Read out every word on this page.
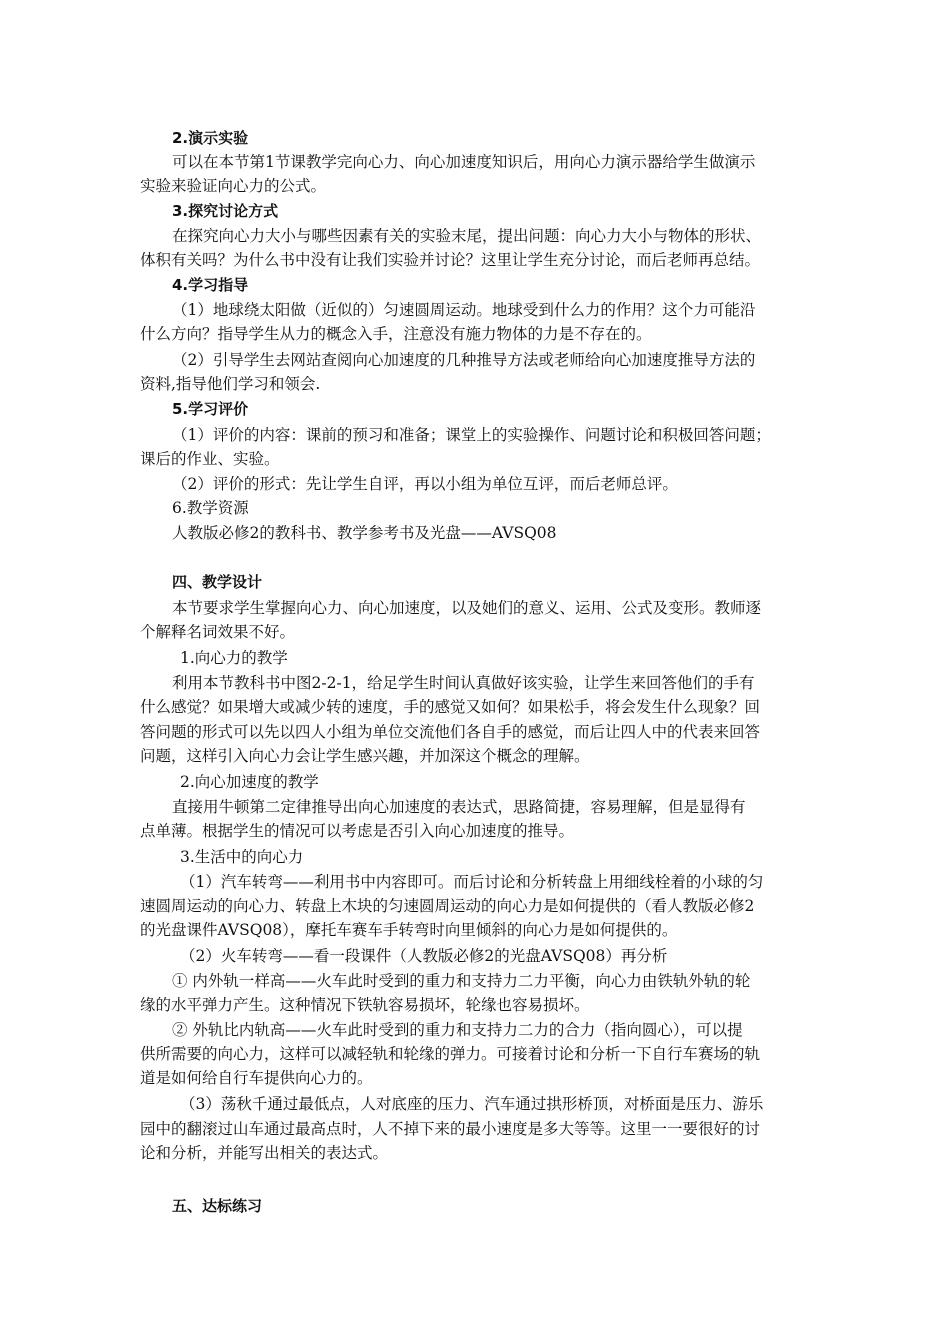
2.演示实验
可以在本节第1节课教学完向心力、向心加速度知识后，用向心力演示器给学生做演示
实验来验证向心力的公式。
3.探究讨论方式
在探究向心力大小与哪些因素有关的实验末尾，提出问题：向心力大小与物体的形状、
体积有关吗？为什么书中没有让我们实验并讨论？这里让学生充分讨论，而后老师再总结。
4.学习指导
（1）地球绕太阳做（近似的）匀速圆周运动。地球受到什么力的作用？这个力可能沿
什么方向？指导学生从力的概念入手，注意没有施力物体的力是不存在的。
（2）引导学生去网站查阅向心加速度的几种推导方法或老师给向心加速度推导方法的
资料,指导他们学习和领会.
5.学习评价
（1）评价的内容：课前的预习和准备；课堂上的实验操作、问题讨论和积极回答问题；
课后的作业、实验。
（2）评价的形式：先让学生自评，再以小组为单位互评，而后老师总评。
6.教学资源
人教版必修2的教科书、教学参考书及光盘——AVSQ08
四、教学设计
本节要求学生掌握向心力、向心加速度，以及她们的意义、运用、公式及变形。教师逐
个解释名词效果不好。
1.向心力的教学
利用本节教科书中图2-2-1，给足学生时间认真做好该实验，让学生来回答他们的手有
什么感觉？如果增大或减少转的速度，手的感觉又如何？如果松手，将会发生什么现象？回
答问题的形式可以先以四人小组为单位交流他们各自手的感觉，而后让四人中的代表来回答
问题，这样引入向心力会让学生感兴趣，并加深这个概念的理解。
2.向心加速度的教学
直接用牛顿第二定律推导出向心加速度的表达式，思路简捷，容易理解，但是显得有
点单薄。根据学生的情况可以考虑是否引入向心加速度的推导。
3.生活中的向心力
（1）汽车转弯——利用书中内容即可。而后讨论和分析转盘上用细线栓着的小球的匀
速圆周运动的向心力、转盘上木块的匀速圆周运动的向心力是如何提供的（看人教版必修2
的光盘课件AVSQ08），摩托车赛车手转弯时向里倾斜的向心力是如何提供的。
（2）火车转弯——看一段课件（人教版必修2的光盘AVSQ08）再分析
① 内外轨一样高——火车此时受到的重力和支持力二力平衡，向心力由铁轨外轨的轮
缘的水平弹力产生。这种情况下铁轨容易损坏，轮缘也容易损坏。
② 外轨比内轨高——火车此时受到的重力和支持力二力的合力（指向圆心），可以提
供所需要的向心力，这样可以减轻轨和轮缘的弹力。可接着讨论和分析一下自行车赛场的轨
道是如何给自行车提供向心力的。
（3）荡秋千通过最低点，人对底座的压力、汽车通过拱形桥顶，对桥面是压力、游乐
园中的翻滚过山车通过最高点时，人不掉下来的最小速度是多大等等。这里一一要很好的讨
论和分析，并能写出相关的表达式。
五、达标练习
